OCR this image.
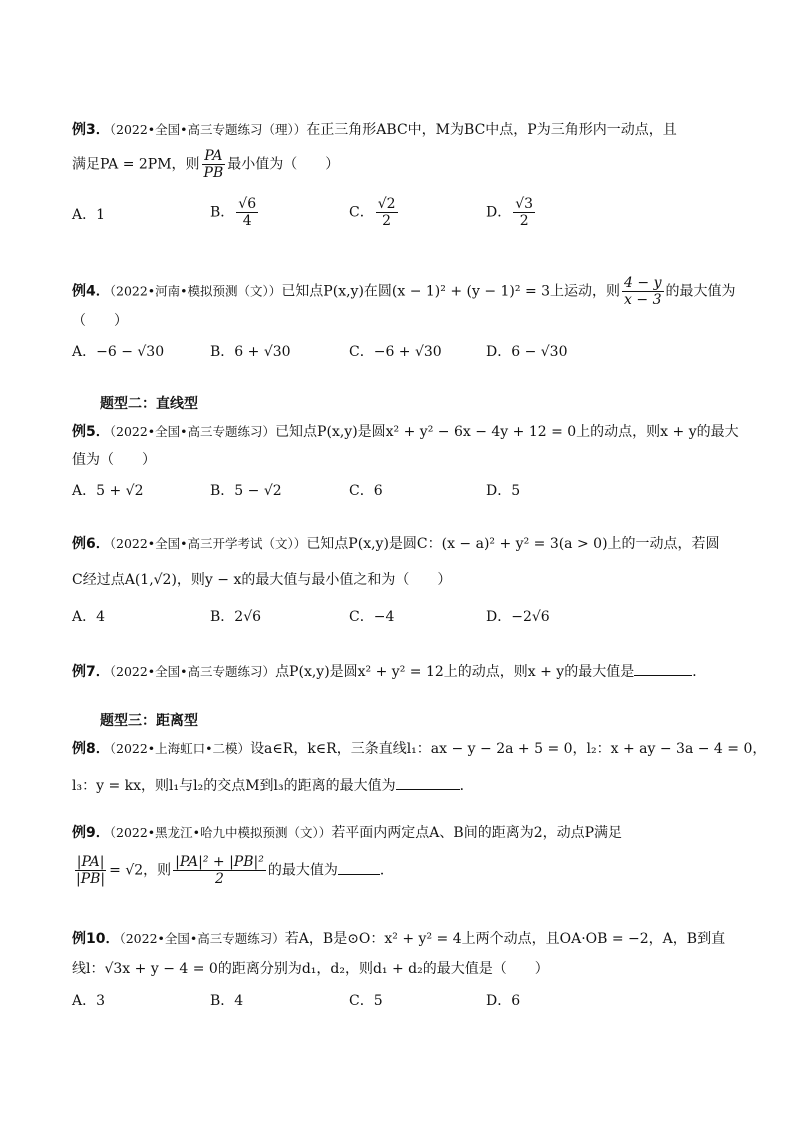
例3．（2022•全国•高三专题练习（理））在正三角形ABC中，M为BC中点，P为三角形内一动点，且
满足PA = 2PM，则 $\frac{PA}{PB}$ 最小值为（　　）
A．1	B． $\frac{√6}{4}$	C． $\frac{√2}{2}$	D． $\frac{√3}{2}$
例4．（2022•河南•模拟预测（文））已知点P(x,y)在圆(x − 1)² + (y − 1)² = 3上运动，则 $\frac{4 - y}{x - 3}$ 的最大值为
（　　）
A．−6 − √30	B．6 + √30	C．−6 + √30	D．6 − √30
题型二：直线型
例5．（2022•全国•高三专题练习）已知点P(x,y)是圆x² + y² − 6x − 4y + 12 = 0上的动点，则x + y的最大
值为（　　）
A．5 + √2	B．5 − √2	C．6	D．5
例6．（2022•全国•高三开学考试（文））已知点P(x,y)是圆C：(x − a)² + y² = 3(a > 0)上的一动点，若圆
C经过点A(1,√2)，则y − x的最大值与最小值之和为（　　）
A．4	B．2√6	C．−4	D．−2√6
例7．（2022•全国•高三专题练习）点P(x,y)是圆x² + y² = 12上的动点，则x + y的最大值是	．
题型三：距离型
例8．（2022•上海虹口•二模）设a∈R，k∈R，三条直线l₁：ax − y − 2a + 5 = 0，l₂：x + ay − 3a − 4 = 0，
l₃：y = kx，则l₁与l₂的交点M到l₃的距离的最大值为	．
例9．（2022•黑龙江•哈九中模拟预测（文））若平面内两定点A、B间的距离为2，动点P满足
$\frac{|PA|}{|PB|} = √2$，则 $\frac{\text{|PA|² + |PB|²}}{2}$ 的最大值为	．
例10．（2022•全国•高三专题练习）若A，B是⊙O：x² + y² = 4上两个动点，且OA·OB = −2，A，B到直
线l：√3x + y − 4 = 0的距离分别为d₁，d₂，则d₁ + d₂的最大值是（　　）
A．3	B．4	C．5	D．6
